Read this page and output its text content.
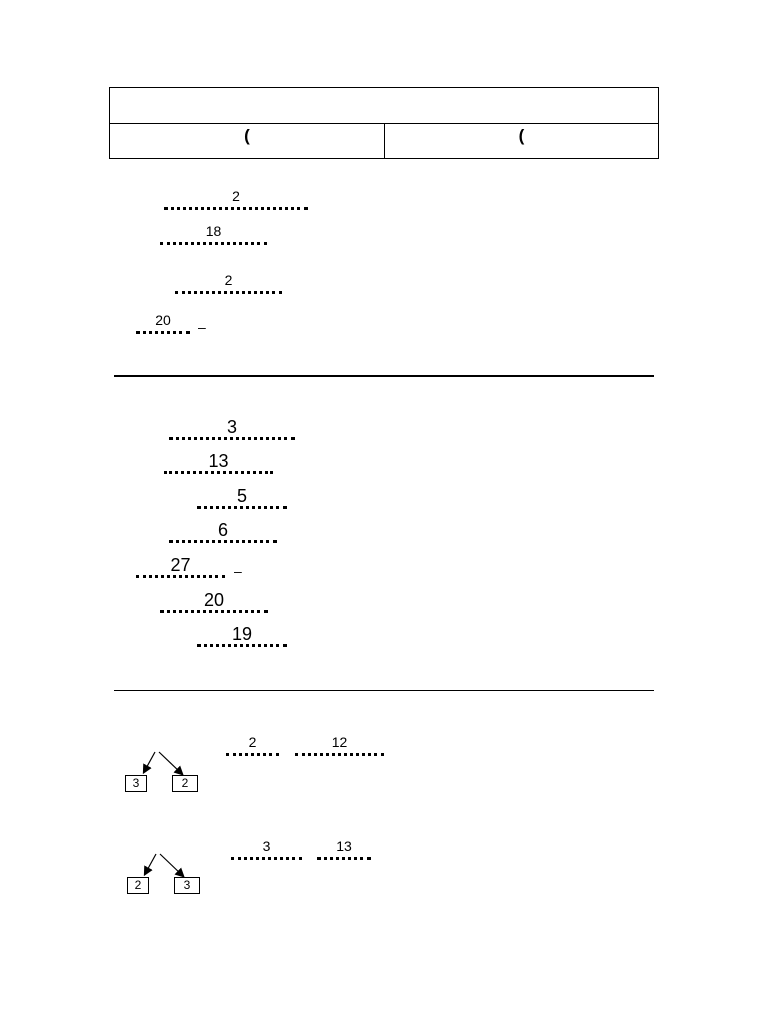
(	(
2
18
2
20	–
3
13
5
6
27	–
20
19
3	2
2	12
2	3
3	13
